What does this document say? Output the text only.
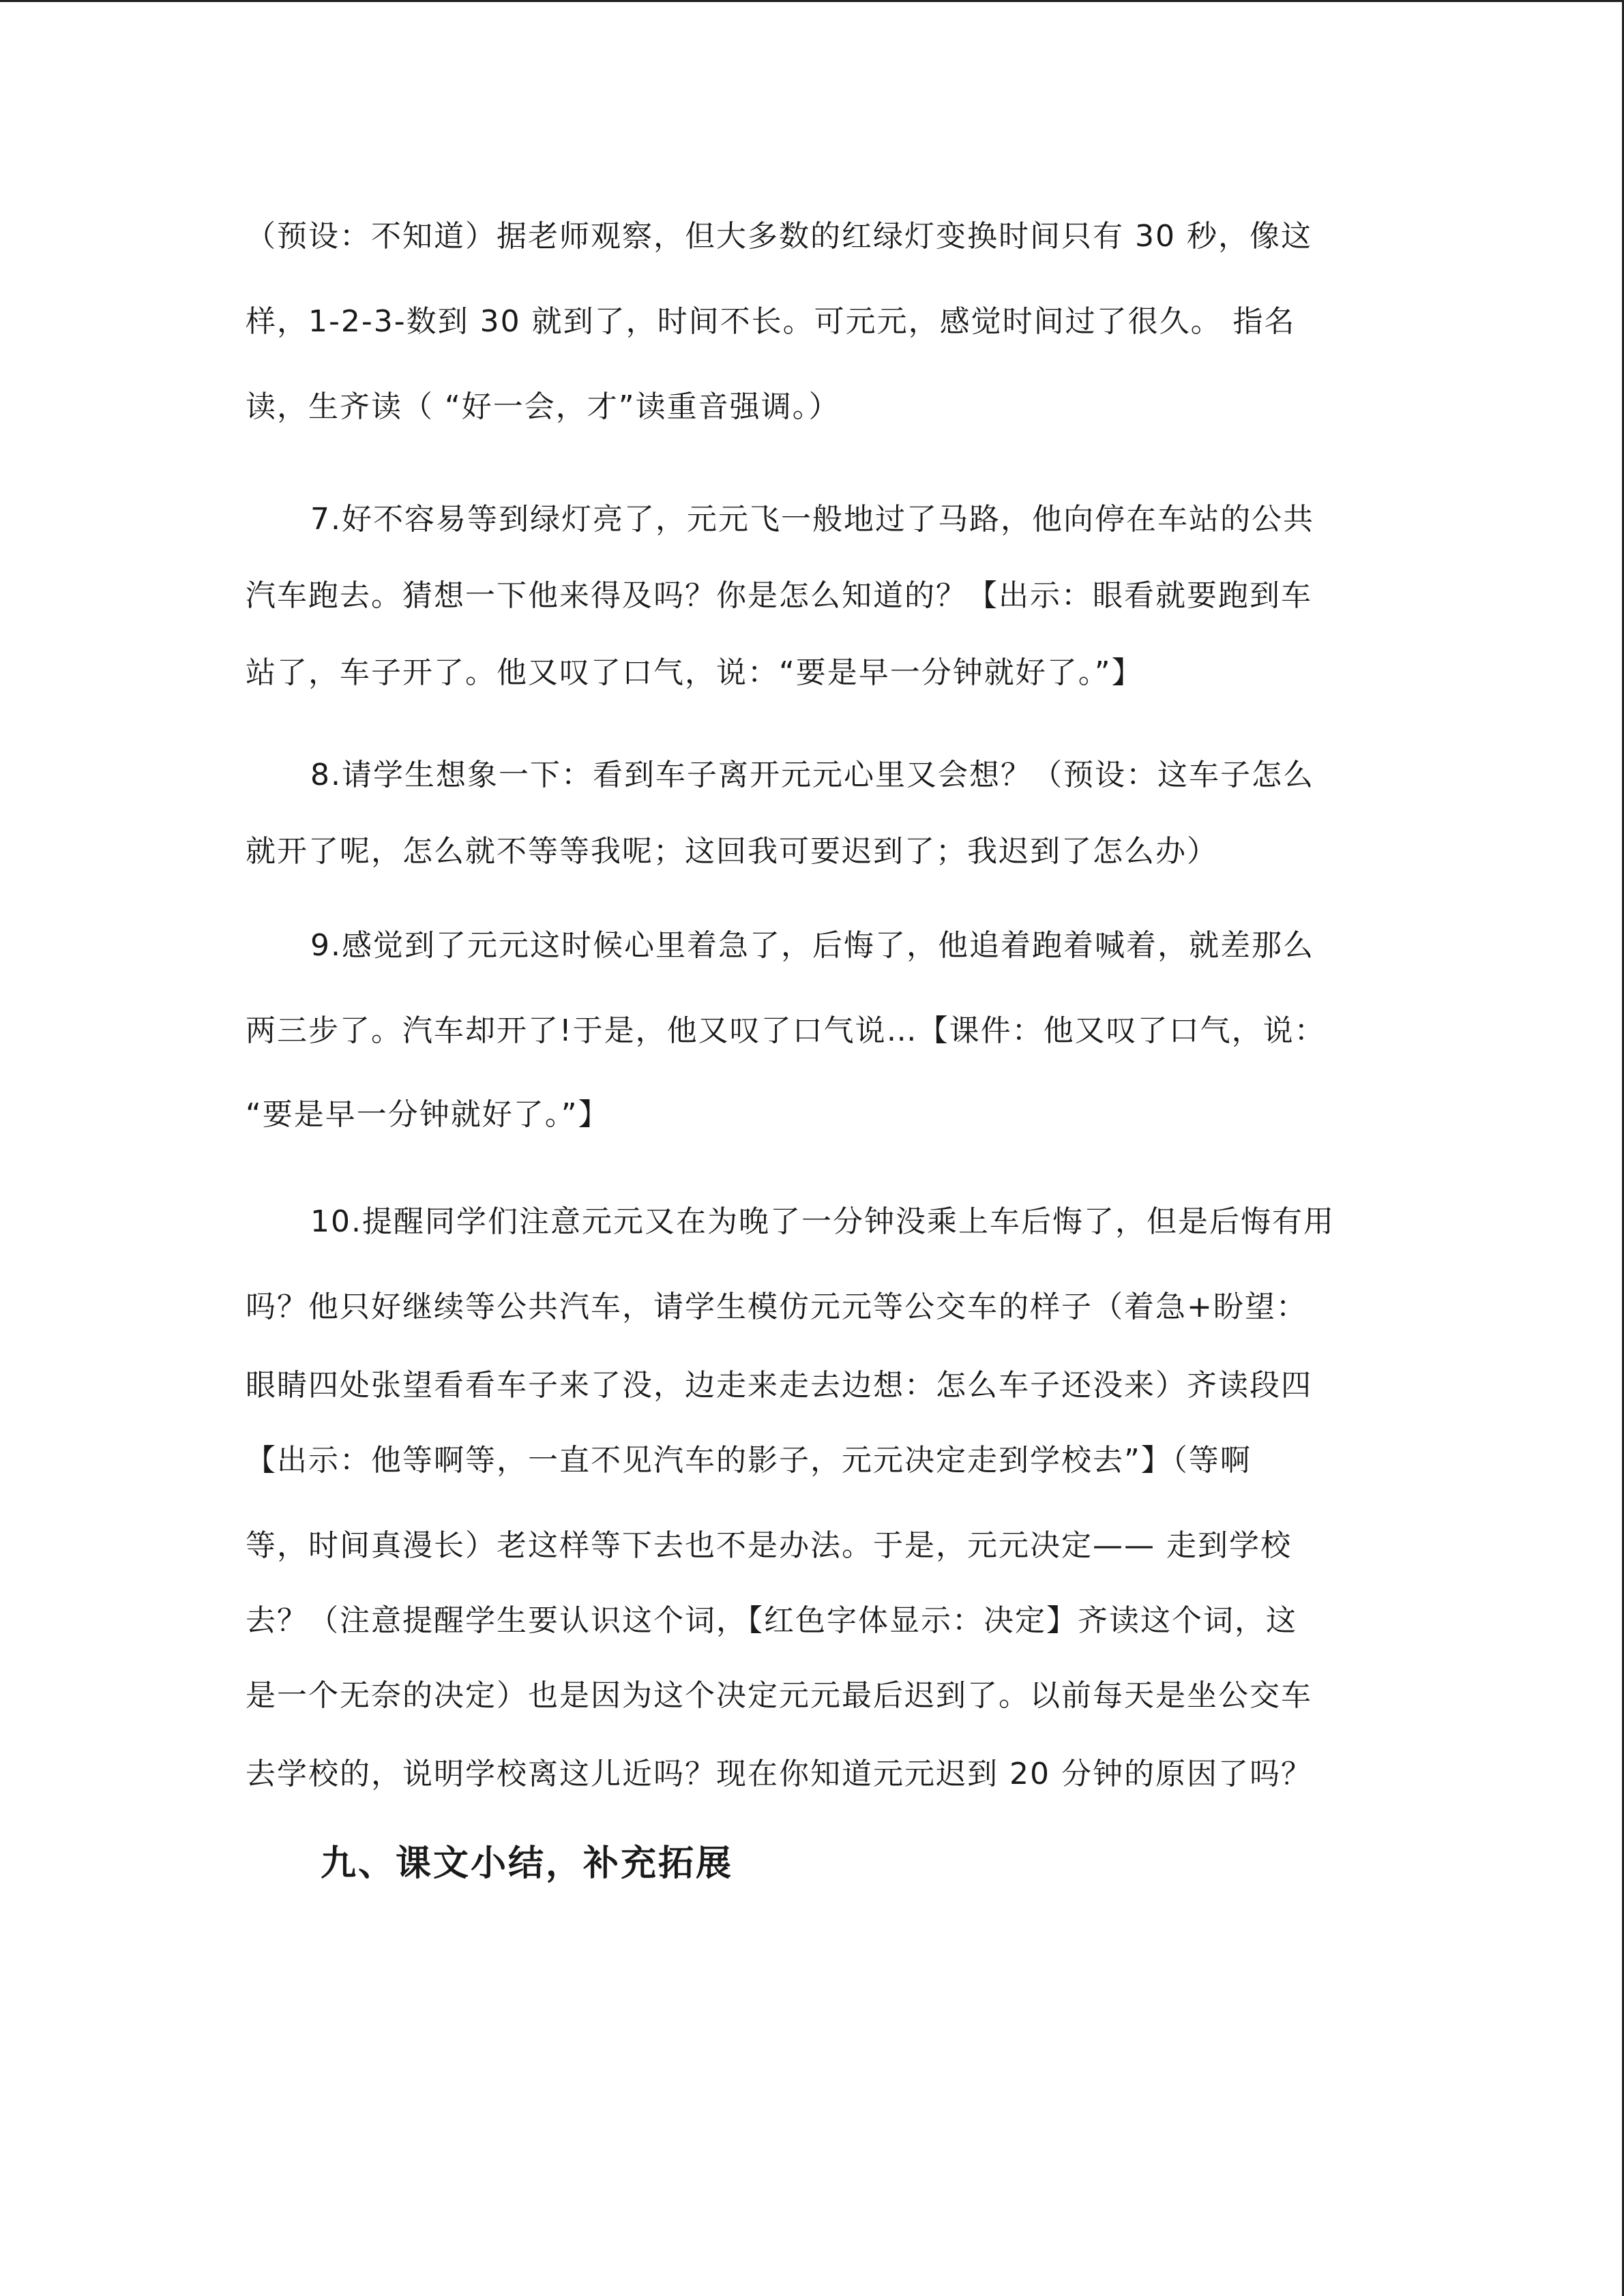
（预设：不知道）据老师观察，但大多数的红绿灯变换时间只有 30 秒，像这
样，1-2-3-数到 30 就到了，时间不长。可元元，感觉时间过了很久。 指名
读，生齐读（ “好一会，才”读重音强调。）
7.好不容易等到绿灯亮了，元元飞一般地过了马路，他向停在车站的公共
汽车跑去。猜想一下他来得及吗？你是怎么知道的？【出示：眼看就要跑到车
站了，车子开了。他又叹了口气，说：“要是早一分钟就好了。”】
8.请学生想象一下：看到车子离开元元心里又会想？（预设：这车子怎么
就开了呢，怎么就不等等我呢；这回我可要迟到了；我迟到了怎么办）
9.感觉到了元元这时候心里着急了，后悔了，他追着跑着喊着，就差那么
两三步了。汽车却开了!于是，他又叹了口气说…【课件：他又叹了口气，说：
“要是早一分钟就好了。”】
10.提醒同学们注意元元又在为晚了一分钟没乘上车后悔了，但是后悔有用
吗？他只好继续等公共汽车，请学生模仿元元等公交车的样子（着急+盼望：
眼睛四处张望看看车子来了没，边走来走去边想：怎么车子还没来）齐读段四
【出示：他等啊等，一直不见汽车的影子，元元决定走到学校去”】（等啊
等，时间真漫长）老这样等下去也不是办法。于是，元元决定—— 走到学校
去？（注意提醒学生要认识这个词，【红色字体显示：决定】齐读这个词，这
是一个无奈的决定）也是因为这个决定元元最后迟到了。以前每天是坐公交车
去学校的，说明学校离这儿近吗？现在你知道元元迟到 20 分钟的原因了吗？
九、课文小结，补充拓展
